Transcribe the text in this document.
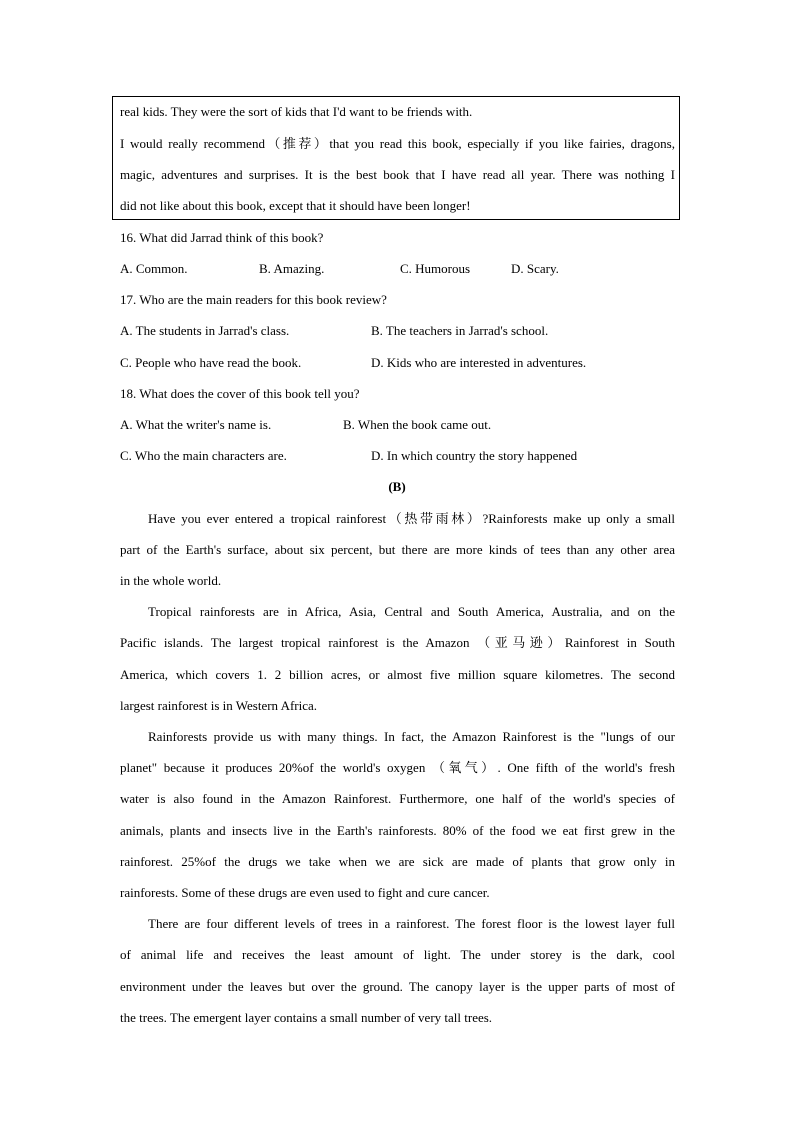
real kids. They were the sort of kids that I'd want to be friends with.
I would really recommend（推荐）that you read this book, especially if you like fairies, dragons,
magic, adventures and surprises. It is the best book that I have read all year. There was nothing I
did not like about this book, except that it should have been longer!
16. What did Jarrad think of this book?
A. Common.	B. Amazing.	C. Humorous	D. Scary.
17. Who are the main readers for this book review?
A. The students in Jarrad's class.	B. The teachers in Jarrad's school.
C. People who have read the book.	D. Kids who are interested in adventures.
18. What does the cover of this book tell you?
A. What the writer's name is.	B. When the book came out.
C. Who the main characters are.	D. In which country the story happened
(B)
Have you ever entered a tropical rainforest（热带雨林）?Rainforests make up only a small
part of the Earth's surface, about six percent, but there are more kinds of tees than any other area
in the whole world.
Tropical rainforests are in Africa, Asia, Central and South America, Australia, and on the
Pacific islands. The largest tropical rainforest is the Amazon （亚马逊）Rainforest in South
America, which covers 1. 2 billion acres, or almost five million square kilometres. The second
largest rainforest is in Western Africa.
Rainforests provide us with many things. In fact, the Amazon Rainforest is the "lungs of our
planet" because it produces 20%of the world's oxygen （氧气）. One fifth of the world's fresh
water is also found in the Amazon Rainforest. Furthermore, one half of the world's species of
animals, plants and insects live in the Earth's rainforests. 80% of the food we eat first grew in the
rainforest. 25%of the drugs we take when we are sick are made of plants that grow only in
rainforests. Some of these drugs are even used to fight and cure cancer.
There are four different levels of trees in a rainforest. The forest floor is the lowest layer full
of animal life and receives the least amount of light. The under storey is the dark, cool
environment under the leaves but over the ground. The canopy layer is the upper parts of most of
the trees. The emergent layer contains a small number of very tall trees.
